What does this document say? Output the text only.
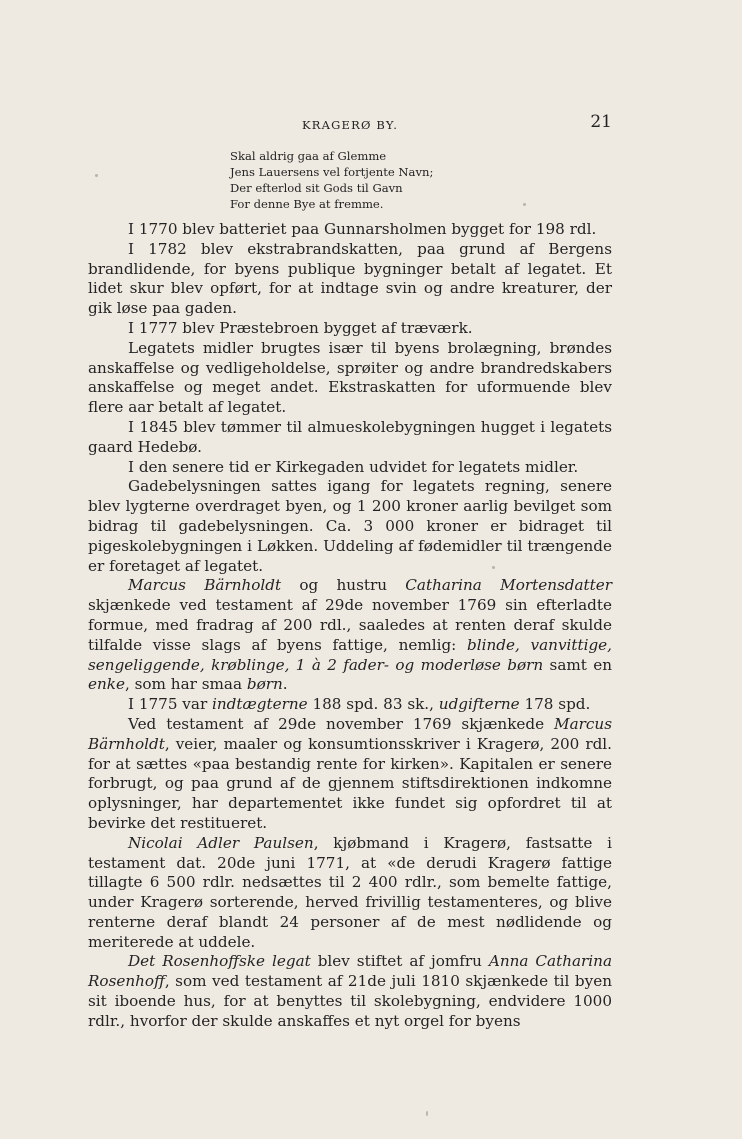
KRAGERØ BY.	21
Skal aldrig gaa af Glemme
Jens Lauersens vel fortjente Navn;
Der efterlod sit Gods til Gavn
For denne Bye at fremme.

I 1770 blev batteriet paa Gunnarsholmen bygget for 198 rdl.

I 1782 blev ekstrabrandskatten, paa grund af Bergens brandlidende, for byens publique bygninger betalt af legatet. Et lidet skur blev opført, for at indtage svin og andre kreaturer, der gik løse paa gaden.

I 1777 blev Præstebroen bygget af træværk.

Legatets midler brugtes især til byens brolægning, brøndes anskaffelse og vedligeholdelse, sprøiter og andre brandredskabers anskaffelse og meget andet. Ekstraskatten for uformuende blev flere aar betalt af legatet.

I 1845 blev tømmer til almueskolebygningen hugget i legatets gaard Hedebø.

I den senere tid er Kirkegaden udvidet for legatets midler.

Gadebelysningen sattes igang for legatets regning, senere blev lygterne overdraget byen, og 1 200 kroner aarlig bevilget som bidrag til gadebelysningen. Ca. 3 000 kroner er bidraget til pigeskolebygningen i Løkken. Uddeling af fødemidler til trængende er foretaget af legatet.

Marcus Bärnholdt og hustru Catharina Mortensdatter skjænkede ved testament af 29de november 1769 sin efterladte formue, med fradrag af 200 rdl., saaledes at renten deraf skulde tilfalde visse slags af byens fattige, nemlig: blinde, vanvittige, sengeliggende, krøblinge, 1 à 2 fader- og moderløse børn samt en enke, som har smaa børn.

I 1775 var indtægterne 188 spd. 83 sk., udgifterne 178 spd.

Ved testament af 29de november 1769 skjænkede Marcus Bärnholdt, veier, maaler og konsumtionsskriver i Kragerø, 200 rdl. for at sættes «paa bestandig rente for kirken». Kapitalen er senere forbrugt, og paa grund af de gjennem stiftsdirektionen indkomne oplysninger, har departementet ikke fundet sig opfordret til at bevirke det restitueret.

Nicolai Adler Paulsen, kjøbmand i Kragerø, fastsatte i testament dat. 20de juni 1771, at «de derudi Kragerø fattige tillagte 6 500 rdlr. nedsættes til 2 400 rdlr., som bemelte fattige, under Kragerø sorterende, herved frivillig testamenteres, og blive renterne deraf blandt 24 personer af de mest nødlidende og meriterede at uddele.

Det Rosenhoffske legat blev stiftet af jomfru Anna Catharina Rosenhoff, som ved testament af 21de juli 1810 skjænkede til byen sit iboende hus, for at benyttes til skolebygning, endvidere 1000 rdlr., hvorfor der skulde anskaffes et nyt orgel for byens
